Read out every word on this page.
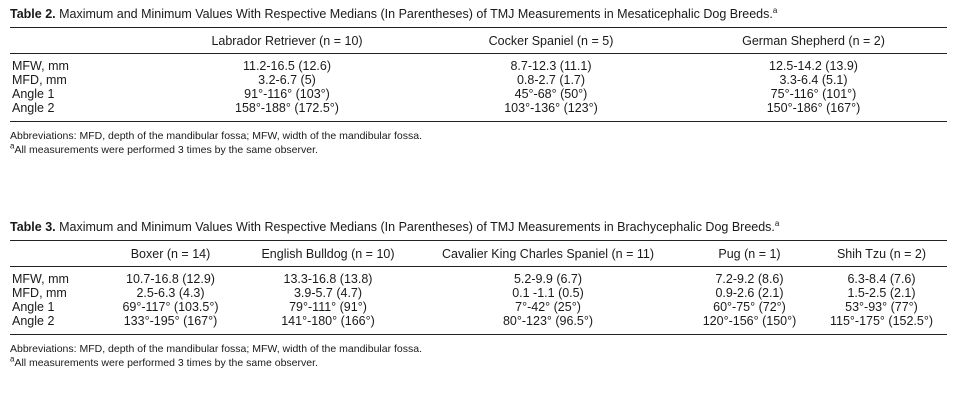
Table 2. Maximum and Minimum Values With Respective Medians (In Parentheses) of TMJ Measurements in Mesaticephalic Dog Breeds.$^a$
	Labrador Retriever (n = 10)	Cocker Spaniel (n = 5)	German Shepherd (n = 2)
MFW, mm	11.2-16.5 (12.6)	8.7-12.3 (11.1)	12.5-14.2 (13.9)
MFD, mm	3.2-6.7 (5)	0.8-2.7 (1.7)	3.3-6.4 (5.1)
Angle 1	91°-116° (103°)	45°-68° (50°)	75°-116° (101°)
Angle 2	158°-188° (172.5°)	103°-136° (123°)	150°-186° (167°)
Abbreviations: MFD, depth of the mandibular fossa; MFW, width of the mandibular fossa.
$^a$All measurements were performed 3 times by the same observer.
Table 3. Maximum and Minimum Values With Respective Medians (In Parentheses) of TMJ Measurements in Brachycephalic Dog Breeds.$^a$
	Boxer (n = 14)	English Bulldog (n = 10)	Cavalier King Charles Spaniel (n = 11)	Pug (n = 1)	Shih Tzu (n = 2)
MFW, mm	10.7-16.8 (12.9)	13.3-16.8 (13.8)	5.2-9.9 (6.7)	7.2-9.2 (8.6)	6.3-8.4 (7.6)
MFD, mm	2.5-6.3 (4.3)	3.9-5.7 (4.7)	0.1 -1.1 (0.5)	0.9-2.6 (2.1)	1.5-2.5 (2.1)
Angle 1	69°-117° (103.5°)	79°-111° (91°)	7°-42° (25°)	60°-75° (72°)	53°-93° (77°)
Angle 2	133°-195° (167°)	141°-180° (166°)	80°-123° (96.5°)	120°-156° (150°)	115°-175° (152.5°)
Abbreviations: MFD, depth of the mandibular fossa; MFW, width of the mandibular fossa.
$^a$All measurements were performed 3 times by the same observer.
